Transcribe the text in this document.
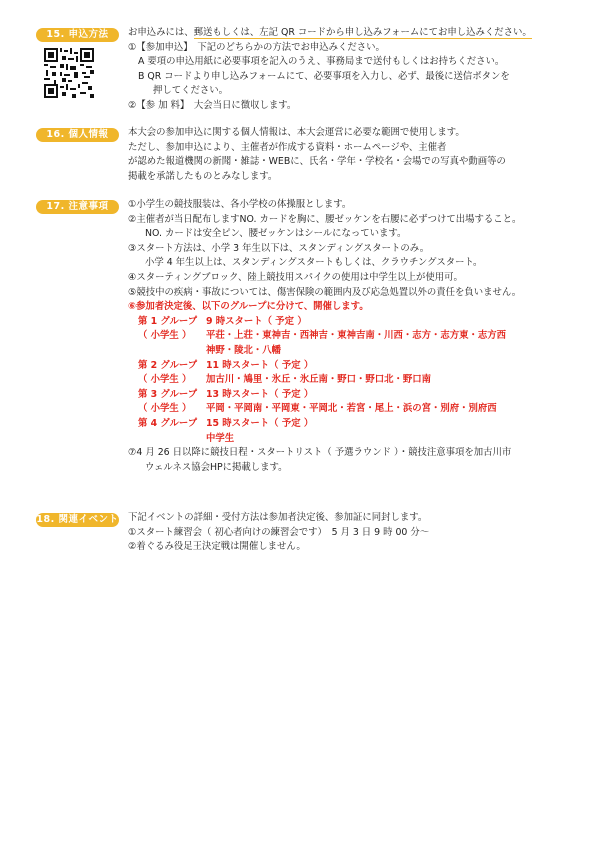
15. 申込方法	お申込みには、郵送もしくは、左記 QR コードから申し込みフォームにてお申し込みください。
①【参加申込】　下記のどちらかの方法でお申込みください。
A 要項の申込用紙に必要事項を記入のうえ、事務局まで送付もしくはお持ちください。
B QR コードより申し込みフォームにて、必要事項を入力し、必ず、最後に送信ボタンを
押してください。
②【参 加 料】　大会当日に徴収します。
16. 個人情報	本大会の参加申込に関する個人情報は、本大会運営に必要な範囲で使用します。
ただし、参加申込により、主催者が作成する資料・ホームページや、主催者
が認めた報道機関の新聞・雑誌・WEBに、氏名・学年・学校名・会場での写真や動画等の
掲載を承諾したものとみなします。
17. 注意事項	①小学生の競技服装は、各小学校の体操服とします。
②主催者が当日配布しますNO. カードを胸に、腰ゼッケンを右腰に必ずつけて出場すること。
NO. カードは安全ピン、腰ゼッケンはシールになっています。
③スタート方法は、小学 3 年生以下は、スタンディングスタートのみ。
小学 4 年生以上は、スタンディングスタートもしくは、クラウチングスタート。
④スターティングブロック、陸上競技用スパイクの使用は中学生以上が使用可。
⑤競技中の疾病・事故については、傷害保険の範囲内及び応急処置以外の責任を負いません。
⑥参加者決定後、以下のグループに分けて、開催します。
第 1 グループ 9 時スタート（ 予定 ）
（ 小学生 ）	平荘・上荘・東神吉・西神吉・東神吉南・川西・志方・志方東・志方西
神野・陵北・八幡
第 2 グループ 11 時スタート（ 予定 ）
（ 小学生 ）	加古川・鳩里・氷丘・氷丘南・野口・野口北・野口南
第 3 グループ 13 時スタート（ 予定 ）
（ 小学生 ）	平岡・平岡南・平岡東・平岡北・若宮・尾上・浜の宮・別府・別府西
第 4 グループ 15 時スタート（ 予定 ）
中学生
⑦4 月 26 日以降に競技日程・スタートリスト（ 予選ラウンド ）・競技注意事項を加古川市
ウェルネス協会HPに掲載します。
18. 関連イベント 下記イベントの詳細・受付方法は参加者決定後、参加証に同封します。
①スタート練習会（ 初心者向けの練習会です）　5 月 3 日 9 時 00 分～
②着ぐるみ役足王決定戦は開催しません。
